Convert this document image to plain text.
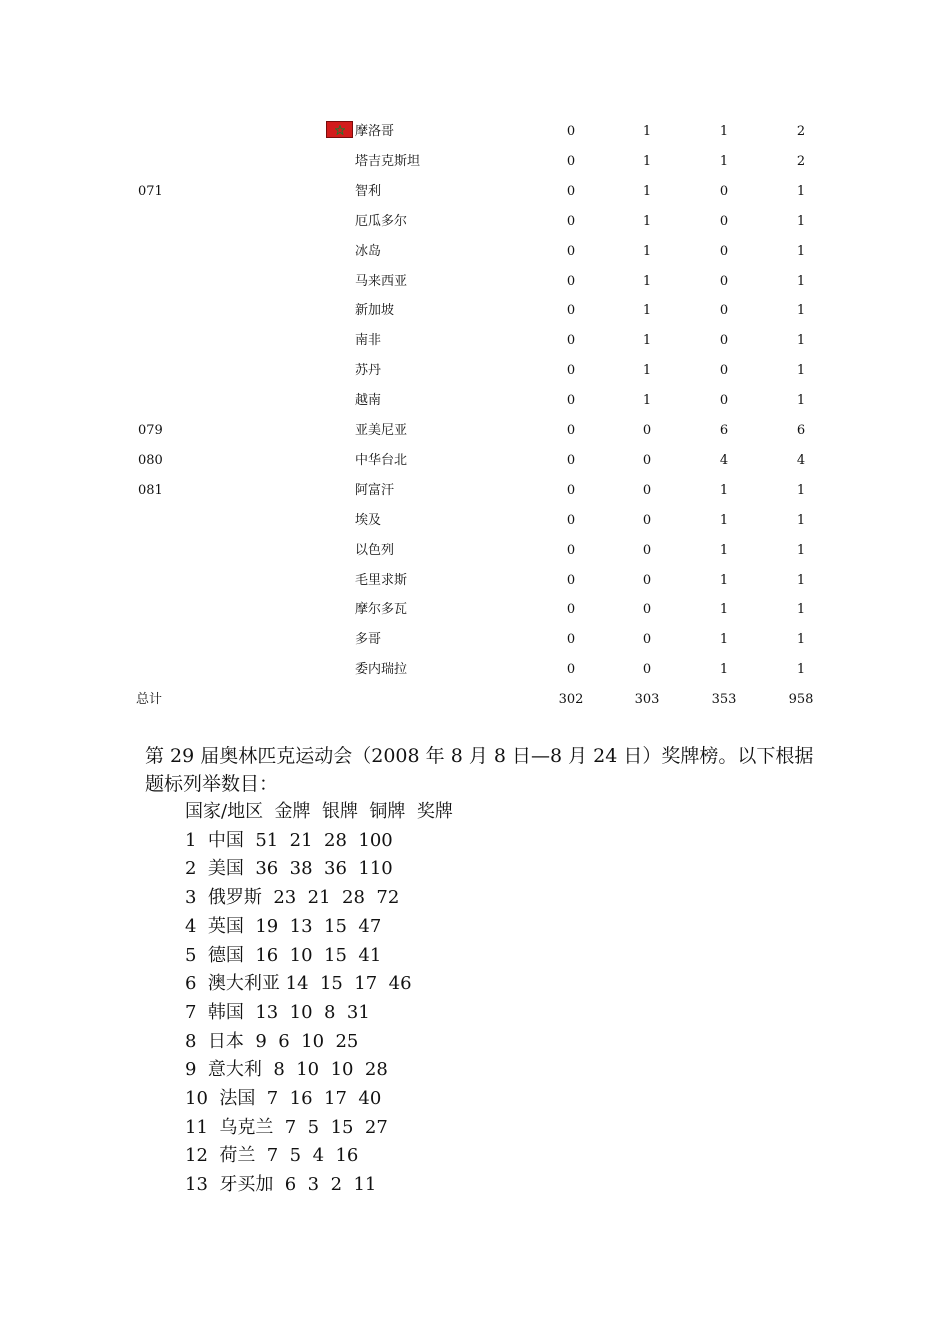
摩洛哥	0	1	1	2
塔吉克斯坦	0	1	1	2
071	智利	0	1	0	1
厄瓜多尔	0	1	0	1
冰岛	0	1	0	1
马来西亚	0	1	0	1
新加坡	0	1	0	1
南非	0	1	0	1
苏丹	0	1	0	1
越南	0	1	0	1
079	亚美尼亚	0	0	6	6
080	中华台北	0	0	4	4
081	阿富汗	0	0	1	1
埃及	0	0	1	1
以色列	0	0	1	1
毛里求斯	0	0	1	1
摩尔多瓦	0	0	1	1
多哥	0	0	1	1
委内瑞拉	0	0	1	1
总计	302	303	353	958

第 29 届奥林匹克运动会（2008 年 8 月 8 日—8 月 24 日）奖牌榜。以下根据题标列举数目：

国家/地区  金牌  银牌  铜牌  奖牌
1  中国  51  21  28  100
2  美国  36  38  36  110
3  俄罗斯  23  21  28  72
4  英国  19  13  15  47
5  德国  16  10  15  41
6  澳大利亚 14  15  17  46
7  韩国  13  10  8  31
8  日本  9  6  10  25
9  意大利  8  10  10  28
10  法国  7  16  17  40
11  乌克兰  7  5  15  27
12  荷兰  7  5  4  16
13  牙买加  6  3  2  11
